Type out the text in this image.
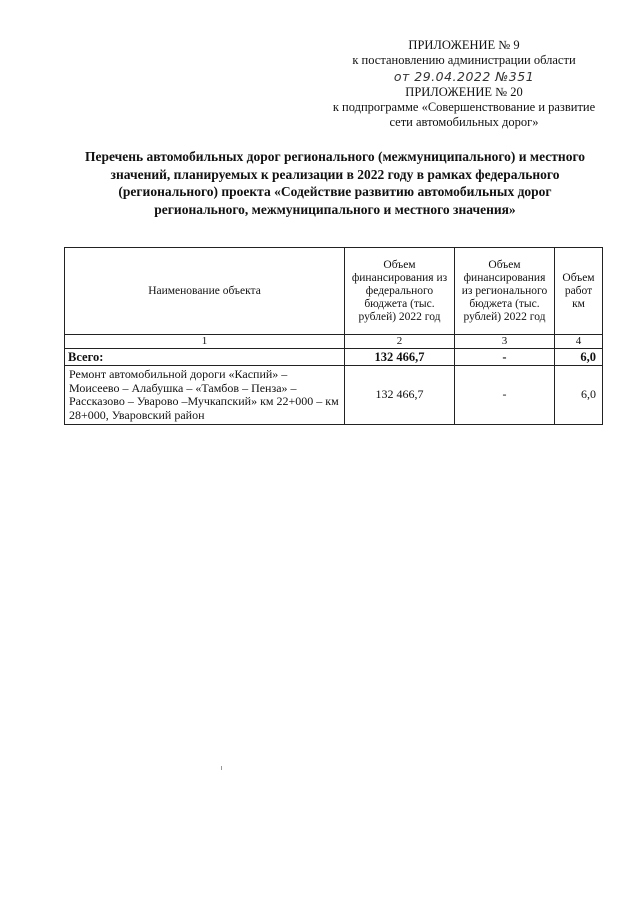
ПРИЛОЖЕНИЕ № 9
к постановлению администрации области
от 29.04.2022 №351
ПРИЛОЖЕНИЕ № 20
к подпрограмме «Совершенствование и развитие
сети автомобильных дорог»
Перечень автомобильных дорог регионального (межмуниципального) и местного значений, планируемых к реализации в 2022 году в рамках федерального (регионального) проекта «Содействие развитию автомобильных дорог регионального, межмуниципального и местного значения»
Наименование объекта	Объем финансирования из федерального бюджета (тыс. рублей) 2022 год	Объем финансирования из регионального бюджета (тыс. рублей) 2022 год	Объем работ км
1	2	3	4
Всего:	132 466,7	-	6,0
Ремонт автомобильной дороги «Каспий» – Моисеево – Алабушка – «Тамбов – Пенза» – Рассказово – Уварово –Мучкапский» км 22+000 – км 28+000, Уваровский район	132 466,7	-	6,0
